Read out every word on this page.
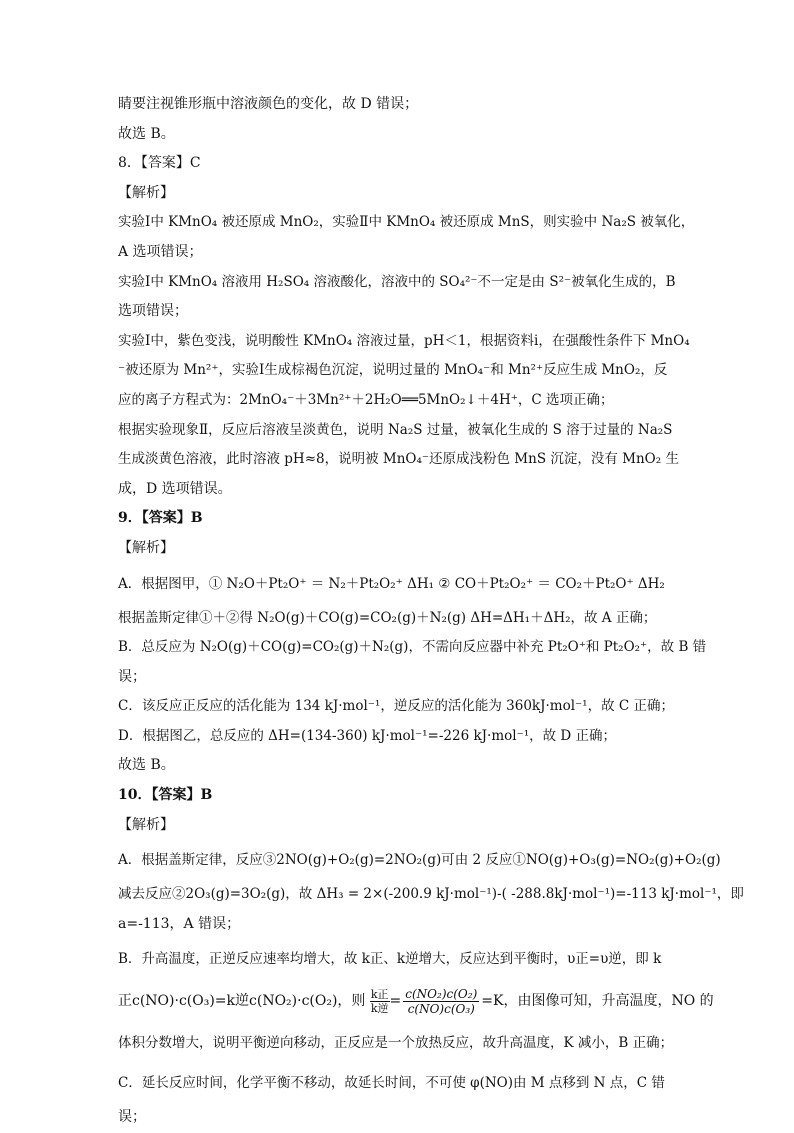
睛要注视锥形瓶中溶液颜色的变化，故 D 错误；
故选 B。
8．【答案】C
【解析】
实验Ⅰ中 KMnO₄ 被还原成 MnO₂，实验Ⅱ中 KMnO₄ 被还原成 MnS，则实验中 Na₂S 被氧化，
A 选项错误；
实验Ⅰ中 KMnO₄ 溶液用 H₂SO₄ 溶液酸化，溶液中的 SO₄²⁻不一定是由 S²⁻被氧化生成的，B
选项错误；
实验Ⅰ中，紫色变浅，说明酸性 KMnO₄ 溶液过量，pH＜1，根据资料ⅰ，在强酸性条件下 MnO₄
⁻被还原为 Mn²⁺，实验Ⅰ生成棕褐色沉淀，说明过量的 MnO₄⁻和 Mn²⁺反应生成 MnO₂，反
应的离子方程式为：2MnO₄⁻＋3Mn²⁺＋2H₂O══5MnO₂↓＋4H⁺，C 选项正确；
根据实验现象Ⅱ，反应后溶液呈淡黄色，说明 Na₂S 过量，被氧化生成的 S 溶于过量的 Na₂S
生成淡黄色溶液，此时溶液 pH≈8，说明被 MnO₄⁻还原成浅粉色 MnS 沉淀，没有 MnO₂ 生
成，D 选项错误。
9．【答案】B
【解析】
A．根据图甲，① N₂O＋Pt₂O⁺ ＝ N₂＋Pt₂O₂⁺ ΔH₁ ② CO＋Pt₂O₂⁺ ＝ CO₂＋Pt₂O⁺ ΔH₂
根据盖斯定律①＋②得 N₂O(g)＋CO(g)=CO₂(g)＋N₂(g) ΔH=ΔH₁＋ΔH₂，故 A 正确；
B．总反应为 N₂O(g)＋CO(g)=CO₂(g)＋N₂(g)，不需向反应器中补充 Pt₂O⁺和 Pt₂O₂⁺，故 B 错
误；
C．该反应正反应的活化能为 134 kJ·mol⁻¹，逆反应的活化能为 360kJ·mol⁻¹，故 C 正确；
D．根据图乙，总反应的 ΔH=(134-360) kJ·mol⁻¹=-226 kJ·mol⁻¹，故 D 正确；
故选 B。
10．【答案】B
【解析】
A．根据盖斯定律，反应③2NO(g)+O₂(g)=2NO₂(g)可由 2 反应①NO(g)+O₃(g)=NO₂(g)+O₂(g)
减去反应②2O₃(g)=3O₂(g)，故 ΔH₃ = 2×(-200.9 kJ·mol⁻¹)-( -288.8kJ·mol⁻¹)=-113 kJ·mol⁻¹，即
a=-113，A 错误；
B．升高温度，正逆反应速率均增大，故 k正、k逆增大，反应达到平衡时，υ正=υ逆，即 k
正c(NO)·c(O₃)=k逆c(NO₂)·c(O₂)，则 $\frac{\text{k正}}{\text{k逆}} = \frac{\text{c(NO₂)c(O₂)}}{\text{c(NO)c(O₃)}} =K$，由图像可知，升高温度，NO 的
体积分数增大，说明平衡逆向移动，正反应是一个放热反应，故升高温度，K 减小，B 正确；
C．延长反应时间，化学平衡不移动，故延长时间，不可使 φ(NO)由 M 点移到 N 点，C 错
误；
